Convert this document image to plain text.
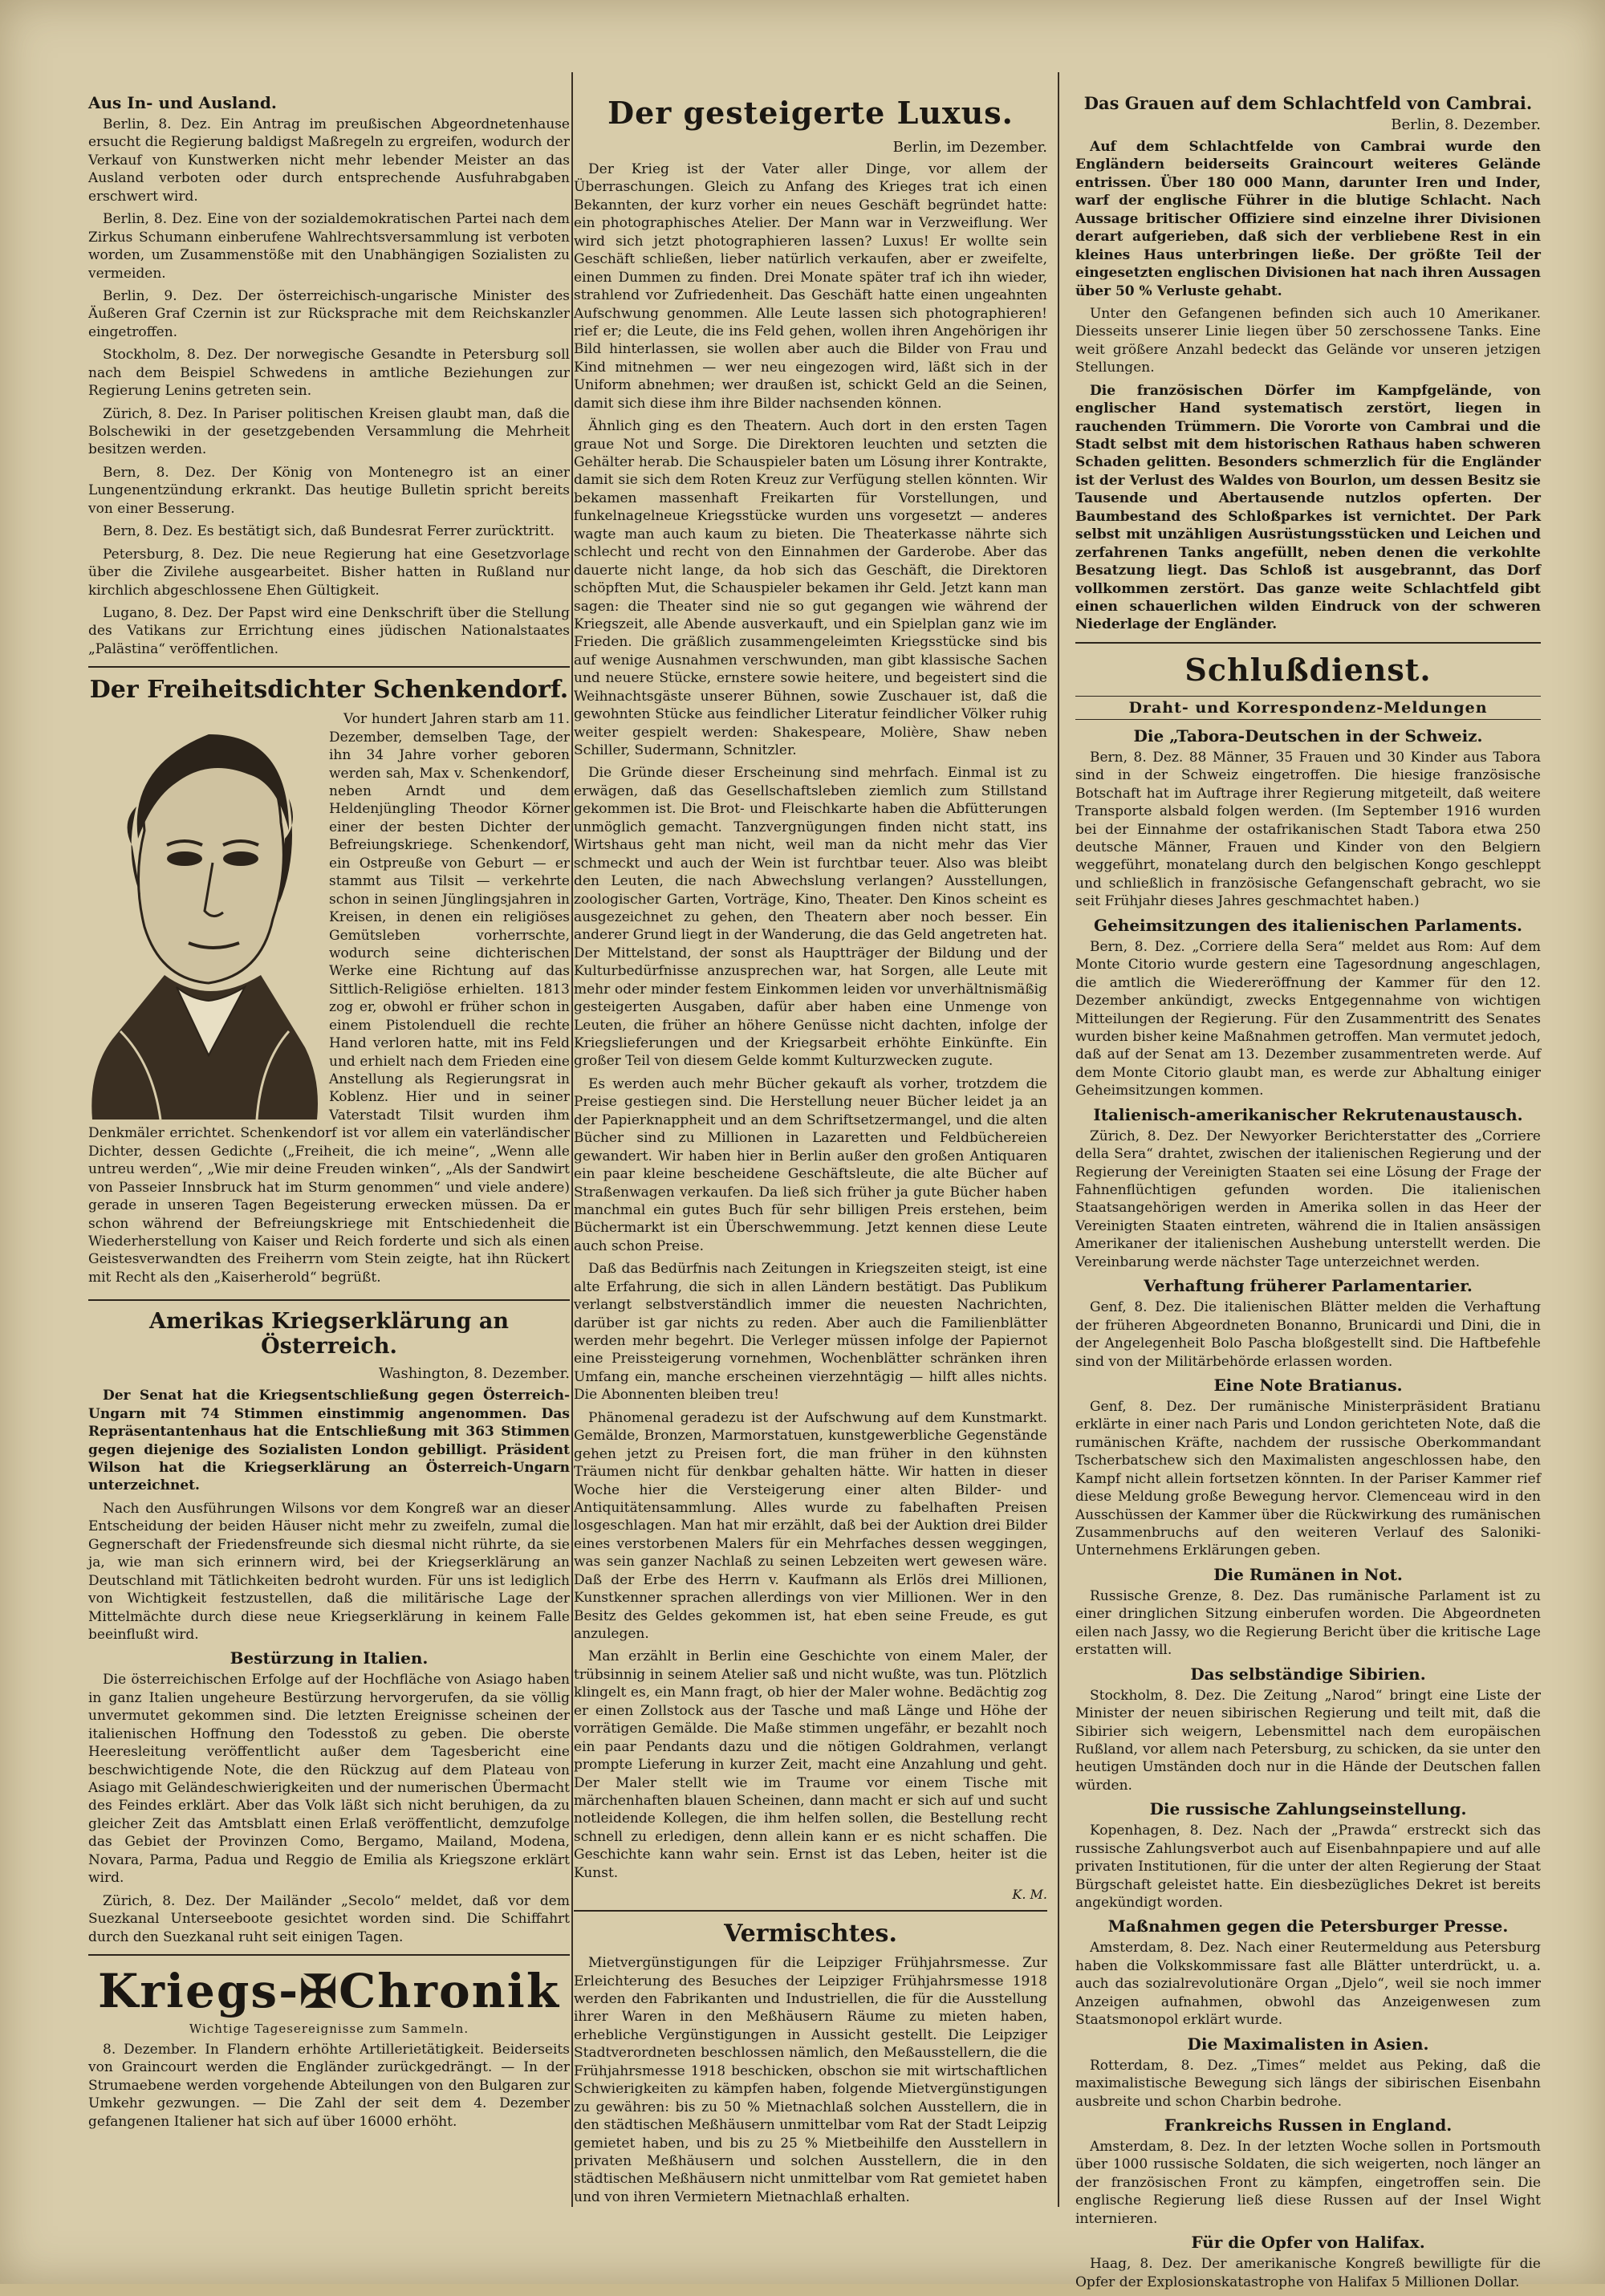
Aus In- und Ausland.

Berlin, 8. Dez. Ein Antrag im preußischen Abgeordnetenhause ersucht die Regierung baldigst Maßregeln zu ergreifen, wodurch der Verkauf von Kunstwerken nicht mehr lebender Meister an das Ausland verboten oder durch entsprechende Ausfuhrabgaben erschwert wird.

Berlin, 8. Dez. Eine von der sozialdemokratischen Partei nach dem Zirkus Schumann einberufene Wahlrechtsversammlung ist verboten worden, um Zusammenstöße mit den Unabhängigen Sozialisten zu vermeiden.

Berlin, 9. Dez. Der österreichisch-ungarische Minister des Äußeren Graf Czernin ist zur Rücksprache mit dem Reichskanzler eingetroffen.

Stockholm, 8. Dez. Der norwegische Gesandte in Petersburg soll nach dem Beispiel Schwedens in amtliche Beziehungen zur Regierung Lenins getreten sein.

Zürich, 8. Dez. In Pariser politischen Kreisen glaubt man, daß die Bolschewiki in der gesetzgebenden Versammlung die Mehrheit besitzen werden.

Bern, 8. Dez. Der König von Montenegro ist an einer Lungenentzündung erkrankt. Das heutige Bulletin spricht bereits von einer Besserung.

Bern, 8. Dez. Es bestätigt sich, daß Bundesrat Ferrer zurücktritt.

Petersburg, 8. Dez. Die neue Regierung hat eine Gesetzvorlage über die Zivilehe ausgearbeitet. Bisher hatten in Rußland nur kirchlich abgeschlossene Ehen Gültigkeit.

Lugano, 8. Dez. Der Papst wird eine Denkschrift über die Stellung des Vatikans zur Errichtung eines jüdischen Nationalstaates „Palästina“ veröffentlichen.

Der Freiheitsdichter Schenkendorf.

Vor hundert Jahren starb am 11. Dezember, demselben Tage, der ihn 34 Jahre vorher geboren werden sah, Max v. Schenkendorf, neben Arndt und dem Heldenjüngling Theodor Körner einer der besten Dichter der Befreiungskriege. Schenkendorf, ein Ostpreuße von Geburt — er stammt aus Tilsit — verkehrte schon in seinen Jünglingsjahren in Kreisen, in denen ein religiöses Gemütsleben vorherrschte, wodurch seine dichterischen Werke eine Richtung auf das Sittlich-Religiöse erhielten. 1813 zog er, obwohl er früher schon in einem Pistolenduell die rechte Hand verloren hatte, mit ins Feld und erhielt nach dem Frieden eine Anstellung als Regierungsrat in Koblenz. Hier und in seiner Vaterstadt Tilsit wurden ihm Denkmäler errichtet. Schenkendorf ist vor allem ein vaterländischer Dichter, dessen Gedichte („Freiheit, die ich meine“, „Wenn alle untreu werden“, „Wie mir deine Freuden winken“, „Als der Sandwirt von Passeier Innsbruck hat im Sturm genommen“ und viele andere) gerade in unseren Tagen Begeisterung erwecken müssen. Da er schon während der Befreiungskriege mit Entschiedenheit die Wiederherstellung von Kaiser und Reich forderte und sich als einen Geistesverwandten des Freiherrn vom Stein zeigte, hat ihn Rückert mit Recht als den „Kaiserherold“ begrüßt.

Amerikas Kriegserklärung an Österreich.
Washington, 8. Dezember.

Der Senat hat die Kriegsentschließung gegen Österreich-Ungarn mit 74 Stimmen einstimmig angenommen. Das Repräsentantenhaus hat die Entschließung mit 363 Stimmen gegen diejenige des Sozialisten London gebilligt. Präsident Wilson hat die Kriegserklärung an Österreich-Ungarn unterzeichnet.

Nach den Ausführungen Wilsons vor dem Kongreß war an dieser Entscheidung der beiden Häuser nicht mehr zu zweifeln, zumal die Gegnerschaft der Friedensfreunde sich diesmal nicht rührte, da sie ja, wie man sich erinnern wird, bei der Kriegserklärung an Deutschland mit Tätlichkeiten bedroht wurden. Für uns ist lediglich von Wichtigkeit festzustellen, daß die militärische Lage der Mittelmächte durch diese neue Kriegserklärung in keinem Falle beeinflußt wird.

Bestürzung in Italien.

Die österreichischen Erfolge auf der Hochfläche von Asiago haben in ganz Italien ungeheure Bestürzung hervorgerufen, da sie völlig unvermutet gekommen sind. Die letzten Ereignisse scheinen der italienischen Hoffnung den Todesstoß zu geben. Die oberste Heeresleitung veröffentlicht außer dem Tagesbericht eine beschwichtigende Note, die den Rückzug auf dem Plateau von Asiago mit Geländeschwierigkeiten und der numerischen Übermacht des Feindes erklärt. Aber das Volk läßt sich nicht beruhigen, da zu gleicher Zeit das Amtsblatt einen Erlaß veröffentlicht, demzufolge das Gebiet der Provinzen Como, Bergamo, Mailand, Modena, Novara, Parma, Padua und Reggio de Emilia als Kriegszone erklärt wird.

Zürich, 8. Dez. Der Mailänder „Secolo“ meldet, daß vor dem Suezkanal Unterseeboote gesichtet worden sind. Die Schiffahrt durch den Suezkanal ruht seit einigen Tagen.

Kriegs-✠Chronik
Wichtige Tagesereignisse zum Sammeln.

8. Dezember. In Flandern erhöhte Artillerietätigkeit. Beiderseits von Graincourt werden die Engländer zurückgedrängt. — In der Strumaebene werden vorgehende Abteilungen von den Bulgaren zur Umkehr gezwungen. — Die Zahl der seit dem 4. Dezember gefangenen Italiener hat sich auf über 16000 erhöht.

Der gesteigerte Luxus.
Berlin, im Dezember.

Der Krieg ist der Vater aller Dinge, vor allem der Überraschungen. Gleich zu Anfang des Krieges trat ich einen Bekannten, der kurz vorher ein neues Geschäft begründet hatte: ein photographisches Atelier. Der Mann war in Verzweiflung. Wer wird sich jetzt photographieren lassen? Luxus! Er wollte sein Geschäft schließen, lieber natürlich verkaufen, aber er zweifelte, einen Dummen zu finden. Drei Monate später traf ich ihn wieder, strahlend vor Zufriedenheit. Das Geschäft hatte einen ungeahnten Aufschwung genommen. Alle Leute lassen sich photographieren! rief er; die Leute, die ins Feld gehen, wollen ihren Angehörigen ihr Bild hinterlassen, sie wollen aber auch die Bilder von Frau und Kind mitnehmen — wer neu eingezogen wird, läßt sich in der Uniform abnehmen; wer draußen ist, schickt Geld an die Seinen, damit sich diese ihm ihre Bilder nachsenden können.

Ähnlich ging es den Theatern. Auch dort in den ersten Tagen graue Not und Sorge. Die Direktoren leuchten und setzten die Gehälter herab. Die Schauspieler baten um Lösung ihrer Kontrakte, damit sie sich dem Roten Kreuz zur Verfügung stellen könnten. Wir bekamen massenhaft Freikarten für Vorstellungen, und funkelnagelneue Kriegsstücke wurden uns vorgesetzt — anderes wagte man auch kaum zu bieten. Die Theaterkasse nährte sich schlecht und recht von den Einnahmen der Garderobe. Aber das dauerte nicht lange, da hob sich das Geschäft, die Direktoren schöpften Mut, die Schauspieler bekamen ihr Geld. Jetzt kann man sagen: die Theater sind nie so gut gegangen wie während der Kriegszeit, alle Abende ausverkauft, und ein Spielplan ganz wie im Frieden. Die gräßlich zusammengeleimten Kriegsstücke sind bis auf wenige Ausnahmen verschwunden, man gibt klassische Sachen und neuere Stücke, ernstere sowie heitere, und begeistert sind die Weihnachtsgäste unserer Bühnen, sowie Zuschauer ist, daß die gewohnten Stücke aus feindlicher Literatur feindlicher Völker ruhig weiter gespielt werden: Shakespeare, Molière, Shaw neben Schiller, Sudermann, Schnitzler.

Die Gründe dieser Erscheinung sind mehrfach. Einmal ist zu erwägen, daß das Gesellschaftsleben ziemlich zum Stillstand gekommen ist. Die Brot- und Fleischkarte haben die Abfütterungen unmöglich gemacht. Tanzvergnügungen finden nicht statt, ins Wirtshaus geht man nicht, weil man da nicht mehr das Vier schmeckt und auch der Wein ist furchtbar teuer. Also was bleibt den Leuten, die nach Abwechslung verlangen? Ausstellungen, zoologischer Garten, Vorträge, Kino, Theater. Den Kinos scheint es ausgezeichnet zu gehen, den Theatern aber noch besser. Ein anderer Grund liegt in der Wanderung, die das Geld angetreten hat. Der Mittelstand, der sonst als Hauptträger der Bildung und der Kulturbedürfnisse anzusprechen war, hat Sorgen, alle Leute mit mehr oder minder festem Einkommen leiden vor unverhältnismäßig gesteigerten Ausgaben, dafür aber haben eine Unmenge von Leuten, die früher an höhere Genüsse nicht dachten, infolge der Kriegslieferungen und der Kriegsarbeit erhöhte Einkünfte. Ein großer Teil von diesem Gelde kommt Kulturzwecken zugute.

Es werden auch mehr Bücher gekauft als vorher, trotzdem die Preise gestiegen sind. Die Herstellung neuer Bücher leidet ja an der Papierknappheit und an dem Schriftsetzermangel, und die alten Bücher sind zu Millionen in Lazaretten und Feldbüchereien gewandert. Wir haben hier in Berlin außer den großen Antiquaren ein paar kleine bescheidene Geschäftsleute, die alte Bücher auf Straßenwagen verkaufen. Da ließ sich früher ja gute Bücher haben manchmal ein gutes Buch für sehr billigen Preis erstehen, beim Büchermarkt ist ein Überschwemmung. Jetzt kennen diese Leute auch schon Preise.

Daß das Bedürfnis nach Zeitungen in Kriegszeiten steigt, ist eine alte Erfahrung, die sich in allen Ländern bestätigt. Das Publikum verlangt selbstverständlich immer die neuesten Nachrichten, darüber ist gar nichts zu reden. Aber auch die Familienblätter werden mehr begehrt. Die Verleger müssen infolge der Papiernot eine Preissteigerung vornehmen, Wochenblätter schränken ihren Umfang ein, manche erscheinen vierzehntägig — hilft alles nichts. Die Abonnenten bleiben treu!

Phänomenal geradezu ist der Aufschwung auf dem Kunstmarkt. Gemälde, Bronzen, Marmorstatuen, kunstgewerbliche Gegenstände gehen jetzt zu Preisen fort, die man früher in den kühnsten Träumen nicht für denkbar gehalten hätte. Wir hatten in dieser Woche hier die Versteigerung einer alten Bilder- und Antiquitätensammlung. Alles wurde zu fabelhaften Preisen losgeschlagen. Man hat mir erzählt, daß bei der Auktion drei Bilder eines verstorbenen Malers für ein Mehrfaches dessen weggingen, was sein ganzer Nachlaß zu seinen Lebzeiten wert gewesen wäre. Daß der Erbe des Herrn v. Kaufmann als Erlös drei Millionen, Kunstkenner sprachen allerdings von vier Millionen. Wer in den Besitz des Geldes gekommen ist, hat eben seine Freude, es gut anzulegen.

Man erzählt in Berlin eine Geschichte von einem Maler, der trübsinnig in seinem Atelier saß und nicht wußte, was tun. Plötzlich klingelt es, ein Mann fragt, ob hier der Maler wohne. Bedächtig zog er einen Zollstock aus der Tasche und maß Länge und Höhe der vorrätigen Gemälde. Die Maße stimmen ungefähr, er bezahlt noch ein paar Pendants dazu und die nötigen Goldrahmen, verlangt prompte Lieferung in kurzer Zeit, macht eine Anzahlung und geht. Der Maler stellt wie im Traume vor einem Tische mit märchenhaften blauen Scheinen, dann macht er sich auf und sucht notleidende Kollegen, die ihm helfen sollen, die Bestellung recht schnell zu erledigen, denn allein kann er es nicht schaffen. Die Geschichte kann wahr sein. Ernst ist das Leben, heiter ist die Kunst.

K. M.
Vermischtes.

Mietvergünstigungen für die Leipziger Frühjahrsmesse. Zur Erleichterung des Besuches der Leipziger Frühjahrsmesse 1918 werden den Fabrikanten und Industriellen, die für die Ausstellung ihrer Waren in den Meßhäusern Räume zu mieten haben, erhebliche Vergünstigungen in Aussicht gestellt. Die Leipziger Stadtverordneten beschlossen nämlich, den Meßausstellern, die die Frühjahrsmesse 1918 beschicken, obschon sie mit wirtschaftlichen Schwierigkeiten zu kämpfen haben, folgende Mietvergünstigungen zu gewähren: bis zu 50 % Mietnachlaß solchen Ausstellern, die in den städtischen Meßhäusern unmittelbar vom Rat der Stadt Leipzig gemietet haben, und bis zu 25 % Mietbeihilfe den Ausstellern in privaten Meßhäusern und solchen Ausstellern, die in den städtischen Meßhäusern nicht unmittelbar vom Rat gemietet haben und von ihren Vermietern Mietnachlaß erhalten.

Das Grauen auf dem Schlachtfeld von Cambrai.
Berlin, 8. Dezember.

Auf dem Schlachtfelde von Cambrai wurde den Engländern beiderseits Graincourt weiteres Gelände entrissen. Über 180 000 Mann, darunter Iren und Inder, warf der englische Führer in die blutige Schlacht. Nach Aussage britischer Offiziere sind einzelne ihrer Divisionen derart aufgerieben, daß sich der verbliebene Rest in ein kleines Haus unterbringen ließe. Der größte Teil der eingesetzten englischen Divisionen hat nach ihren Aussagen über 50 % Verluste gehabt.

Unter den Gefangenen befinden sich auch 10 Amerikaner. Diesseits unserer Linie liegen über 50 zerschossene Tanks. Eine weit größere Anzahl bedeckt das Gelände vor unseren jetzigen Stellungen.

Die französischen Dörfer im Kampfgelände, von englischer Hand systematisch zerstört, liegen in rauchenden Trümmern. Die Vororte von Cambrai und die Stadt selbst mit dem historischen Rathaus haben schweren Schaden gelitten. Besonders schmerzlich für die Engländer ist der Verlust des Waldes von Bourlon, um dessen Besitz sie Tausende und Abertausende nutzlos opferten. Der Baumbestand des Schloßparkes ist vernichtet. Der Park selbst mit unzähligen Ausrüstungsstücken und Leichen und zerfahrenen Tanks angefüllt, neben denen die verkohlte Besatzung liegt. Das Schloß ist ausgebrannt, das Dorf vollkommen zerstört. Das ganze weite Schlachtfeld gibt einen schauerlichen wilden Eindruck von der schweren Niederlage der Engländer.

Schlußdienst.
Draht- und Korrespondenz-Meldungen
Die „Tabora-Deutschen in der Schweiz.

Bern, 8. Dez. 88 Männer, 35 Frauen und 30 Kinder aus Tabora sind in der Schweiz eingetroffen. Die hiesige französische Botschaft hat im Auftrage ihrer Regierung mitgeteilt, daß weitere Transporte alsbald folgen werden. (Im September 1916 wurden bei der Einnahme der ostafrikanischen Stadt Tabora etwa 250 deutsche Männer, Frauen und Kinder von den Belgiern weggeführt, monatelang durch den belgischen Kongo geschleppt und schließlich in französische Gefangenschaft gebracht, wo sie seit Frühjahr dieses Jahres geschmachtet haben.)

Geheimsitzungen des italienischen Parlaments.

Bern, 8. Dez. „Corriere della Sera“ meldet aus Rom: Auf dem Monte Citorio wurde gestern eine Tagesordnung angeschlagen, die amtlich die Wiedereröffnung der Kammer für den 12. Dezember ankündigt, zwecks Entgegennahme von wichtigen Mitteilungen der Regierung. Für den Zusammentritt des Senates wurden bisher keine Maßnahmen getroffen. Man vermutet jedoch, daß auf der Senat am 13. Dezember zusammentreten werde. Auf dem Monte Citorio glaubt man, es werde zur Abhaltung einiger Geheimsitzungen kommen.

Italienisch-amerikanischer Rekrutenaustausch.

Zürich, 8. Dez. Der Newyorker Berichterstatter des „Corriere della Sera“ drahtet, zwischen der italienischen Regierung und der Regierung der Vereinigten Staaten sei eine Lösung der Frage der Fahnenflüchtigen gefunden worden. Die italienischen Staatsangehörigen werden in Amerika sollen in das Heer der Vereinigten Staaten eintreten, während die in Italien ansässigen Amerikaner der italienischen Aushebung unterstellt werden. Die Vereinbarung werde nächster Tage unterzeichnet werden.

Verhaftung früherer Parlamentarier.

Genf, 8. Dez. Die italienischen Blätter melden die Verhaftung der früheren Abgeordneten Bonanno, Brunicardi und Dini, die in der Angelegenheit Bolo Pascha bloßgestellt sind. Die Haftbefehle sind von der Militärbehörde erlassen worden.

Eine Note Bratianus.

Genf, 8. Dez. Der rumänische Ministerpräsident Bratianu erklärte in einer nach Paris und London gerichteten Note, daß die rumänischen Kräfte, nachdem der russische Oberkommandant Tscherbatschew sich den Maximalisten angeschlossen habe, den Kampf nicht allein fortsetzen könnten. In der Pariser Kammer rief diese Meldung große Bewegung hervor. Clemenceau wird in den Ausschüssen der Kammer über die Rückwirkung des rumänischen Zusammenbruchs auf den weiteren Verlauf des Saloniki-Unternehmens Erklärungen geben.

Die Rumänen in Not.

Russische Grenze, 8. Dez. Das rumänische Parlament ist zu einer dringlichen Sitzung einberufen worden. Die Abgeordneten eilen nach Jassy, wo die Regierung Bericht über die kritische Lage erstatten will.

Das selbständige Sibirien.

Stockholm, 8. Dez. Die Zeitung „Narod“ bringt eine Liste der Minister der neuen sibirischen Regierung und teilt mit, daß die Sibirier sich weigern, Lebensmittel nach dem europäischen Rußland, vor allem nach Petersburg, zu schicken, da sie unter den heutigen Umständen doch nur in die Hände der Deutschen fallen würden.

Die russische Zahlungseinstellung.

Kopenhagen, 8. Dez. Nach der „Prawda“ erstreckt sich das russische Zahlungsverbot auch auf Eisenbahnpapiere und auf alle privaten Institutionen, für die unter der alten Regierung der Staat Bürgschaft geleistet hatte. Ein diesbezügliches Dekret ist bereits angekündigt worden.

Maßnahmen gegen die Petersburger Presse.

Amsterdam, 8. Dez. Nach einer Reutermeldung aus Petersburg haben die Volkskommissare fast alle Blätter unterdrückt, u. a. auch das sozialrevolutionäre Organ „Djelo“, weil sie noch immer Anzeigen aufnahmen, obwohl das Anzeigenwesen zum Staatsmonopol erklärt wurde.

Die Maximalisten in Asien.

Rotterdam, 8. Dez. „Times“ meldet aus Peking, daß die maximalistische Bewegung sich längs der sibirischen Eisenbahn ausbreite und schon Charbin bedrohe.

Frankreichs Russen in England.

Amsterdam, 8. Dez. In der letzten Woche sollen in Portsmouth über 1000 russische Soldaten, die sich weigerten, noch länger an der französischen Front zu kämpfen, eingetroffen sein. Die englische Regierung ließ diese Russen auf der Insel Wight internieren.

Für die Opfer von Halifax.

Haag, 8. Dez. Der amerikanische Kongreß bewilligte für die Opfer der Explosionskatastrophe von Halifax 5 Millionen Dollar.
